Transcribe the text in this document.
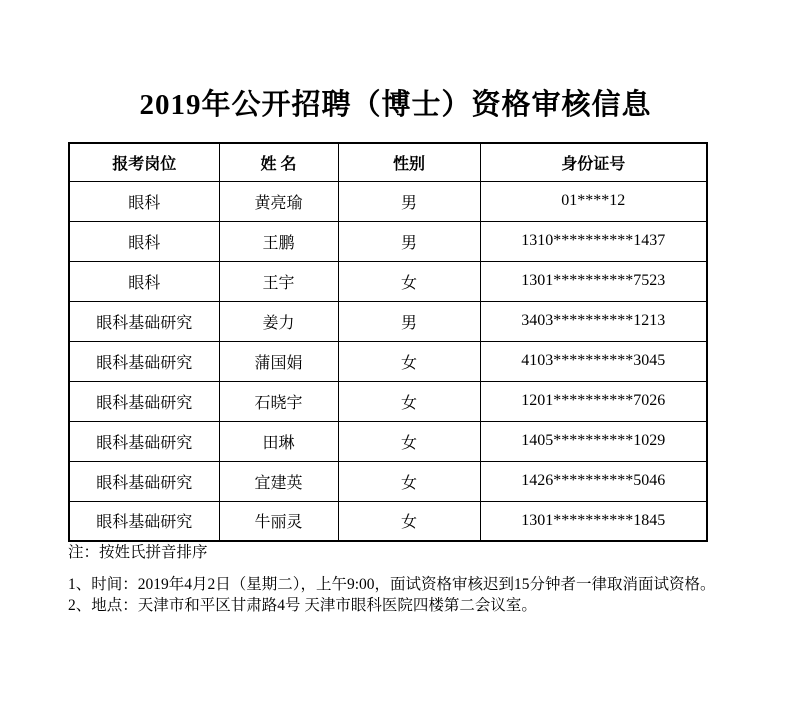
2019年公开招聘（博士）资格审核信息
报考岗位	姓 名	性别	身份证号
眼科	黄亮瑜	男	01****12
眼科	王鹏	男	1310**********1437
眼科	王宇	女	1301**********7523
眼科基础研究	姜力	男	3403**********1213
眼科基础研究	蒲国娟	女	4103**********3045
眼科基础研究	石晓宇	女	1201**********7026
眼科基础研究	田琳	女	1405**********1029
眼科基础研究	宜建英	女	1426**********5046
眼科基础研究	牛丽灵	女	1301**********1845
注：按姓氏拼音排序

1、时间：2019年4月2日（星期二），上午9:00，面试资格审核迟到15分钟者一律取消面试资格。

2、地点：天津市和平区甘肃路4号 天津市眼科医院四楼第二会议室。
